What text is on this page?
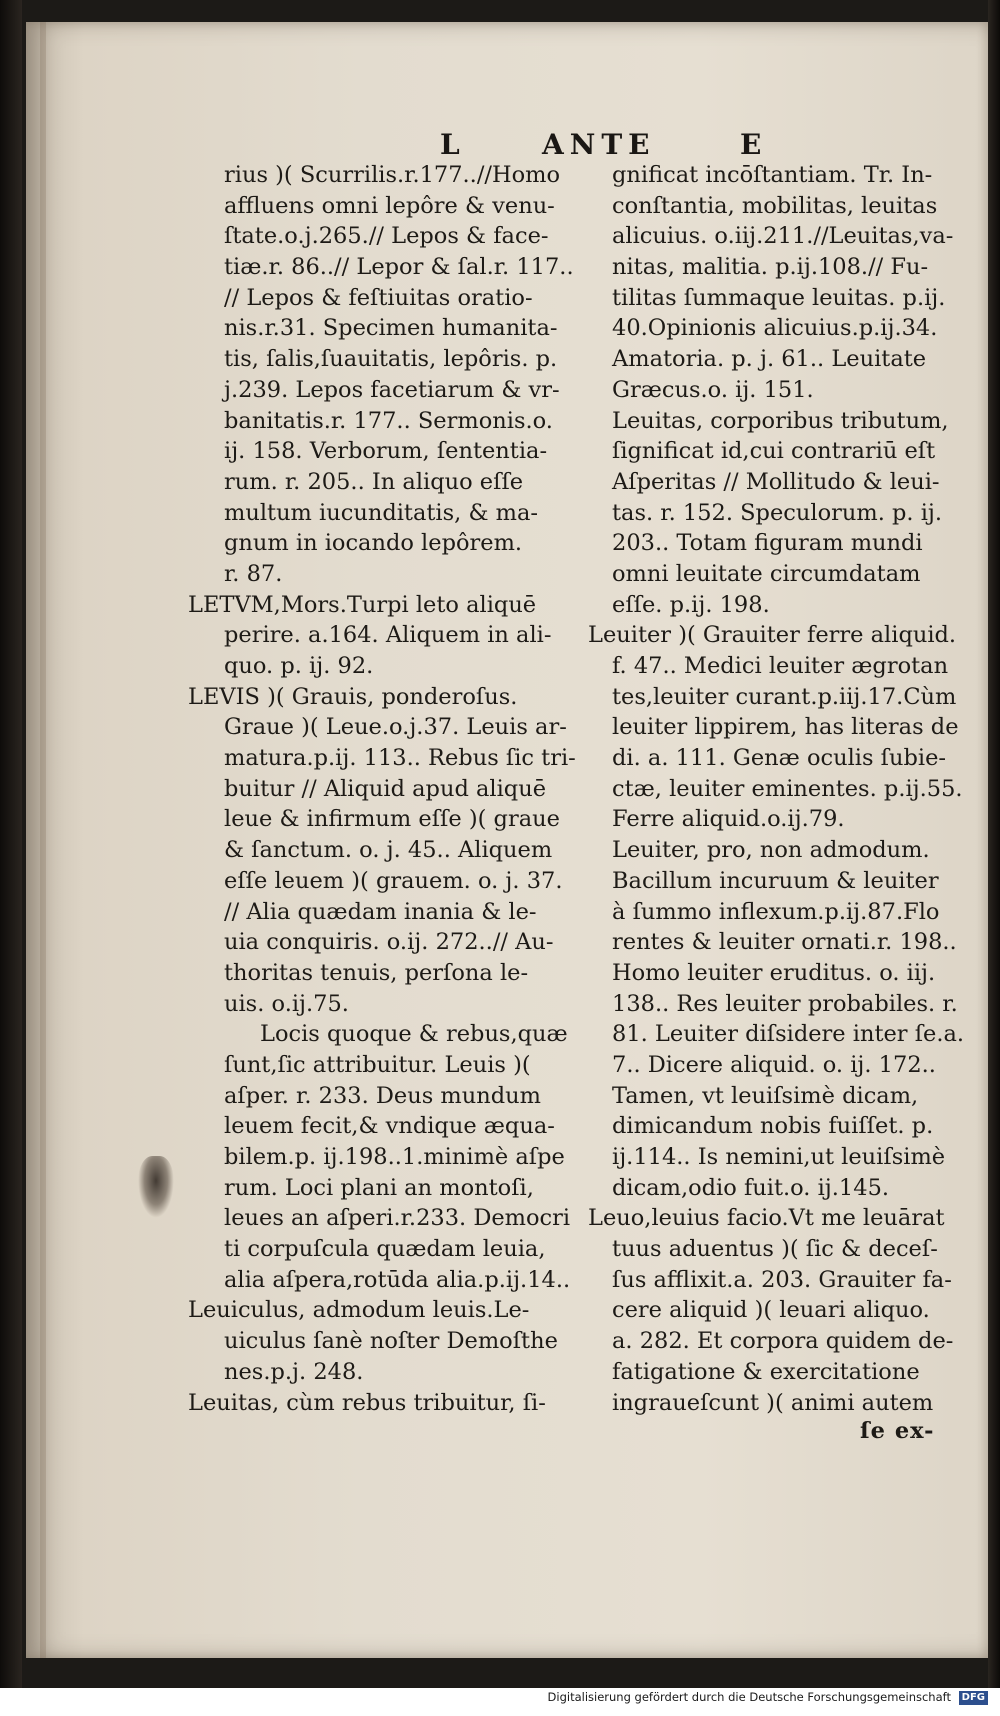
L	ANTE	E
rius )( Scurrilis.r.177..//Homo
affluens omni lepôre & venu-
ſtate.o.j.265.// Lepos & face-
tiæ.r. 86..// Lepor & ſal.r. 117..
// Lepos & feſtiuitas oratio-
nis.r.31. Specimen humanita-
tis, ſalis,ſuauitatis, lepôris. p.
j.239. Lepos facetiarum & vr-
banitatis.r. 177.. Sermonis.o.
ij. 158. Verborum, ſententia-
rum. r. 205.. In aliquo eſſe
multum iucunditatis, & ma-
gnum in iocando lepôrem.
r. 87.
LETVM,Mors.Turpi leto aliquē
perire. a.164. Aliquem in ali-
quo. p. ij. 92.
LEVIS )( Grauis, ponderoſus.
Graue )( Leue.o.j.37. Leuis ar-
matura.p.ij. 113.. Rebus ſic tri-
buitur // Aliquid apud aliquē
leue & infirmum eſſe )( graue
& ſanctum. o. j. 45.. Aliquem
eſſe leuem )( grauem. o. j. 37.
// Alia quædam inania & le-
uia conquiris. o.ij. 272..// Au-
thoritas tenuis, perſona le-
uis. o.ij.75.
Locis quoque & rebus,quæ
ſunt,ſic attribuitur. Leuis )(
aſper. r. 233. Deus mundum
leuem fecit,& vndique æqua-
bilem.p. ij.198..1.minimè aſpe
rum. Loci plani an montoſi,
leues an aſperi.r.233. Democri
ti corpuſcula quædam leuia,
alia aſpera,rotūda alia.p.ij.14..
Leuiculus, admodum leuis.Le-
uiculus ſanè noſter Demoſthe
nes.p.j. 248.
Leuitas, cùm rebus tribuitur, ſi-
gnificat incōſtantiam. Tr. In-
conſtantia, mobilitas, leuitas
alicuius. o.iij.211.//Leuitas,va-
nitas, malitia. p.ij.108.// Fu-
tilitas ſummaque leuitas. p.ij.
40.Opinionis alicuius.p.ij.34.
Amatoria. p. j. 61.. Leuitate
Græcus.o. ij. 151.
Leuitas, corporibus tributum,
ſignificat id,cui contrariū eſt
Aſperitas // Mollitudo & leui-
tas. r. 152. Speculorum. p. ij.
203.. Totam figuram mundi
omni leuitate circumdatam
eſſe. p.ij. 198.
Leuiter )( Grauiter ferre aliquid.
f. 47.. Medici leuiter ægrotan
tes,leuiter curant.p.iij.17.Cùm
leuiter lippirem, has literas de
di. a. 111. Genæ oculis ſubie-
ctæ, leuiter eminentes. p.ij.55.
Ferre aliquid.o.ij.79.
Leuiter, pro, non admodum.
Bacillum incuruum & leuiter
à ſummo inflexum.p.ij.87.Flo
rentes & leuiter ornati.r. 198..
Homo leuiter eruditus. o. iij.
138.. Res leuiter probabiles. r.
81. Leuiter diſsidere inter ſe.a.
7.. Dicere aliquid. o. ij. 172..
Tamen, vt leuiſsimè dicam,
dimicandum nobis fuiſſet. p.
ij.114.. Is nemini,ut leuiſsimè
dicam,odio fuit.o. ij.145.
Leuo,leuius facio.Vt me leuārat
tuus aduentus )( ſic & deceſ-
ſus afflixit.a. 203. Grauiter fa-
cere aliquid )( leuari aliquo.
a. 282. Et corpora quidem de-
fatigatione & exercitatione
ingraueſcunt )( animi autem
ſe ex-
Digitalisierung gefördert durch die Deutsche Forschungsgemeinschaft DFG
